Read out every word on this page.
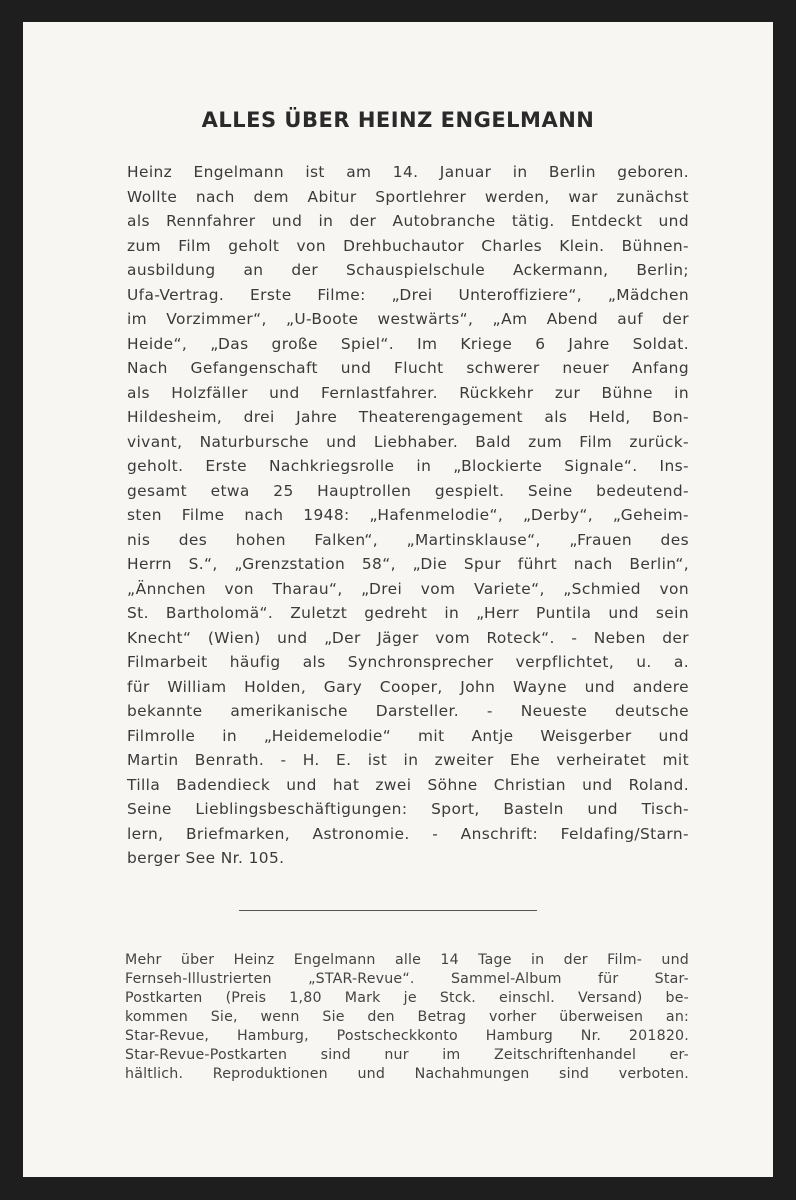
ALLES ÜBER HEINZ ENGELMANN
Heinz Engelmann ist am 14. Januar in Berlin geboren.
Wollte nach dem Abitur Sportlehrer werden, war zunächst
als Rennfahrer und in der Autobranche tätig. Entdeckt und
zum Film geholt von Drehbuchautor Charles Klein. Bühnen-
ausbildung an der Schauspielschule Ackermann, Berlin;
Ufa-Vertrag. Erste Filme: „Drei Unteroffiziere“, „Mädchen
im Vorzimmer“, „U-Boote westwärts“, „Am Abend auf der
Heide“, „Das große Spiel“. Im Kriege 6 Jahre Soldat.
Nach Gefangenschaft und Flucht schwerer neuer Anfang
als Holzfäller und Fernlastfahrer. Rückkehr zur Bühne in
Hildesheim, drei Jahre Theaterengagement als Held, Bon-
vivant, Naturbursche und Liebhaber. Bald zum Film zurück-
geholt. Erste Nachkriegsrolle in „Blockierte Signale“. Ins-
gesamt etwa 25 Hauptrollen gespielt. Seine bedeutend-
sten Filme nach 1948: „Hafenmelodie“, „Derby“, „Geheim-
nis des hohen Falken“, „Martinsklause“, „Frauen des
Herrn S.“, „Grenzstation 58“, „Die Spur führt nach Berlin“,
„Ännchen von Tharau“, „Drei vom Variete“, „Schmied von
St. Bartholomä“. Zuletzt gedreht in „Herr Puntila und sein
Knecht“ (Wien) und „Der Jäger vom Roteck“. - Neben der
Filmarbeit häufig als Synchronsprecher verpflichtet, u. a.
für William Holden, Gary Cooper, John Wayne und andere
bekannte amerikanische Darsteller. - Neueste deutsche
Filmrolle in „Heidemelodie“ mit Antje Weisgerber und
Martin Benrath. - H. E. ist in zweiter Ehe verheiratet mit
Tilla Badendieck und hat zwei Söhne Christian und Roland.
Seine Lieblingsbeschäftigungen: Sport, Basteln und Tisch-
lern, Briefmarken, Astronomie. - Anschrift: Feldafing/Starn-
berger See Nr. 105.
Mehr über Heinz Engelmann alle 14 Tage in der Film- und
Fernseh-Illustrierten „STAR-Revue“. Sammel-Album für Star-
Postkarten (Preis 1,80 Mark je Stck. einschl. Versand) be-
kommen Sie, wenn Sie den Betrag vorher überweisen an:
Star-Revue, Hamburg, Postscheckkonto Hamburg Nr. 201820.
Star-Revue-Postkarten sind nur im Zeitschriftenhandel er-
hältlich. Reproduktionen und Nachahmungen sind verboten.
